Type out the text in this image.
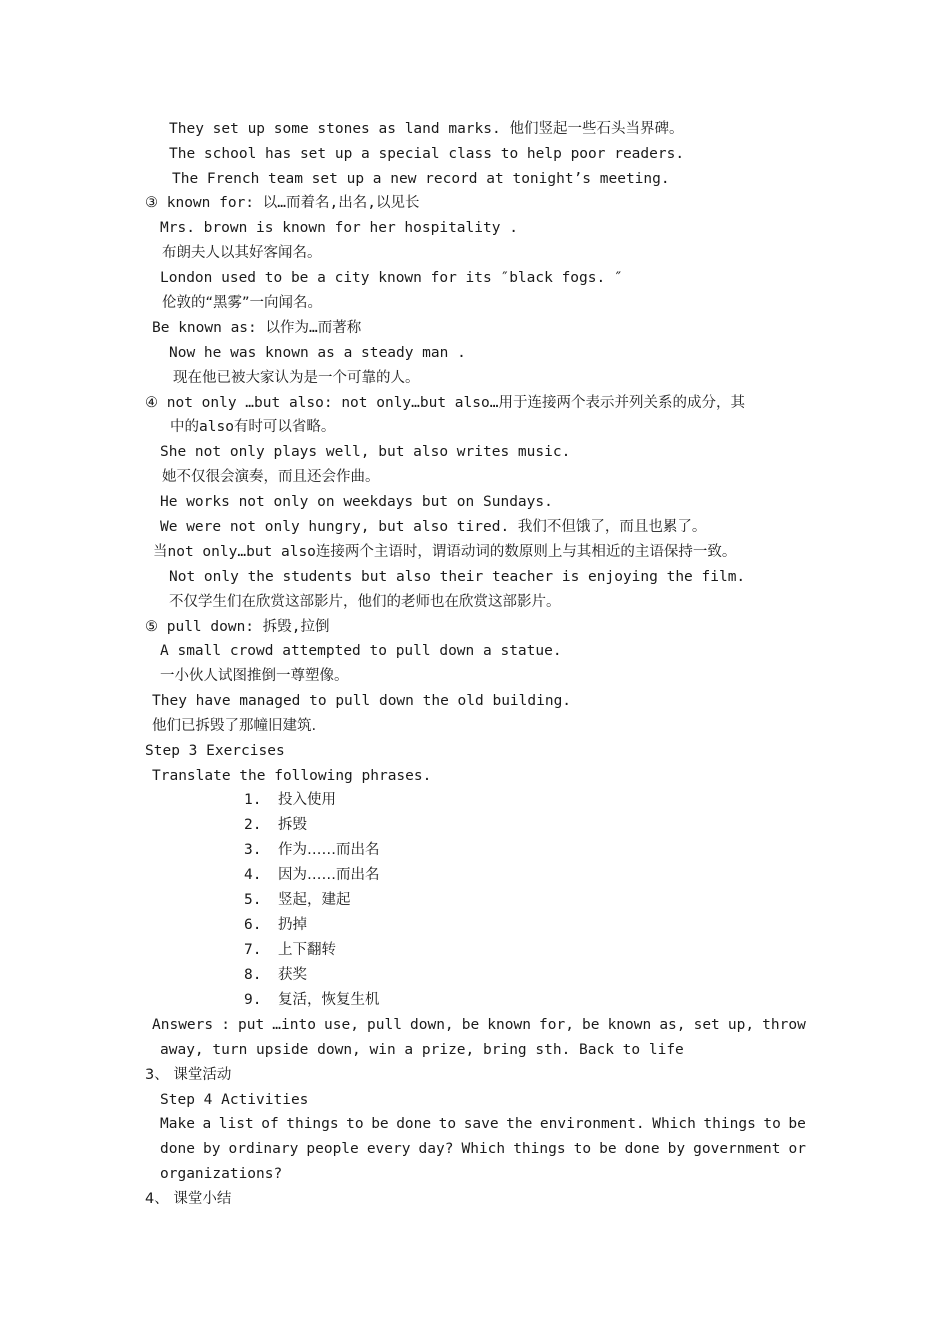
They set up some stones as land marks. 他们竖起一些石头当界碑。
The school has set up a special class to help poor readers.
The French team set up a new record at tonight’s meeting.
③ known for: 以…而着名,出名,以见长
Mrs. brown is known for her hospitality .
布朗夫人以其好客闻名。
London used to be a city known for its ″black fogs. ″
伦敦的“黑雾”一向闻名。
Be known as: 以作为…而著称
Now he was known as a steady man .
现在他已被大家认为是一个可靠的人。
④ not only …but also: not only…but also…用于连接两个表示并列关系的成分，其
中的also有时可以省略。
She not only plays well, but also writes music.
她不仅很会演奏，而且还会作曲。
He works not only on weekdays but on Sundays.
We were not only hungry, but also tired. 我们不但饿了，而且也累了。
当not only…but also连接两个主语时，谓语动词的数原则上与其相近的主语保持一致。
Not only the students but also their teacher is enjoying the film.
不仅学生们在欣赏这部影片，他们的老师也在欣赏这部影片。
⑤ pull down: 拆毁,拉倒
A small crowd attempted to pull down a statue.
一小伙人试图推倒一尊塑像。
They have managed to pull down the old building.
他们已拆毁了那幢旧建筑.
Step 3 Exercises
Translate the following phrases.
1. 投入使用
2. 拆毁
3. 作为……而出名
4. 因为……而出名
5. 竖起，建起
6. 扔掉
7. 上下翻转
8. 获奖
9. 复活，恢复生机
Answers : put …into use, pull down, be known for, be known as, set up, throw
away, turn upside down, win a prize, bring sth. Back to life
3、 课堂活动
Step 4 Activities
Make a list of things to be done to save the environment. Which things to be
done by ordinary people every day? Which things to be done by government or
organizations?
4、 课堂小结
